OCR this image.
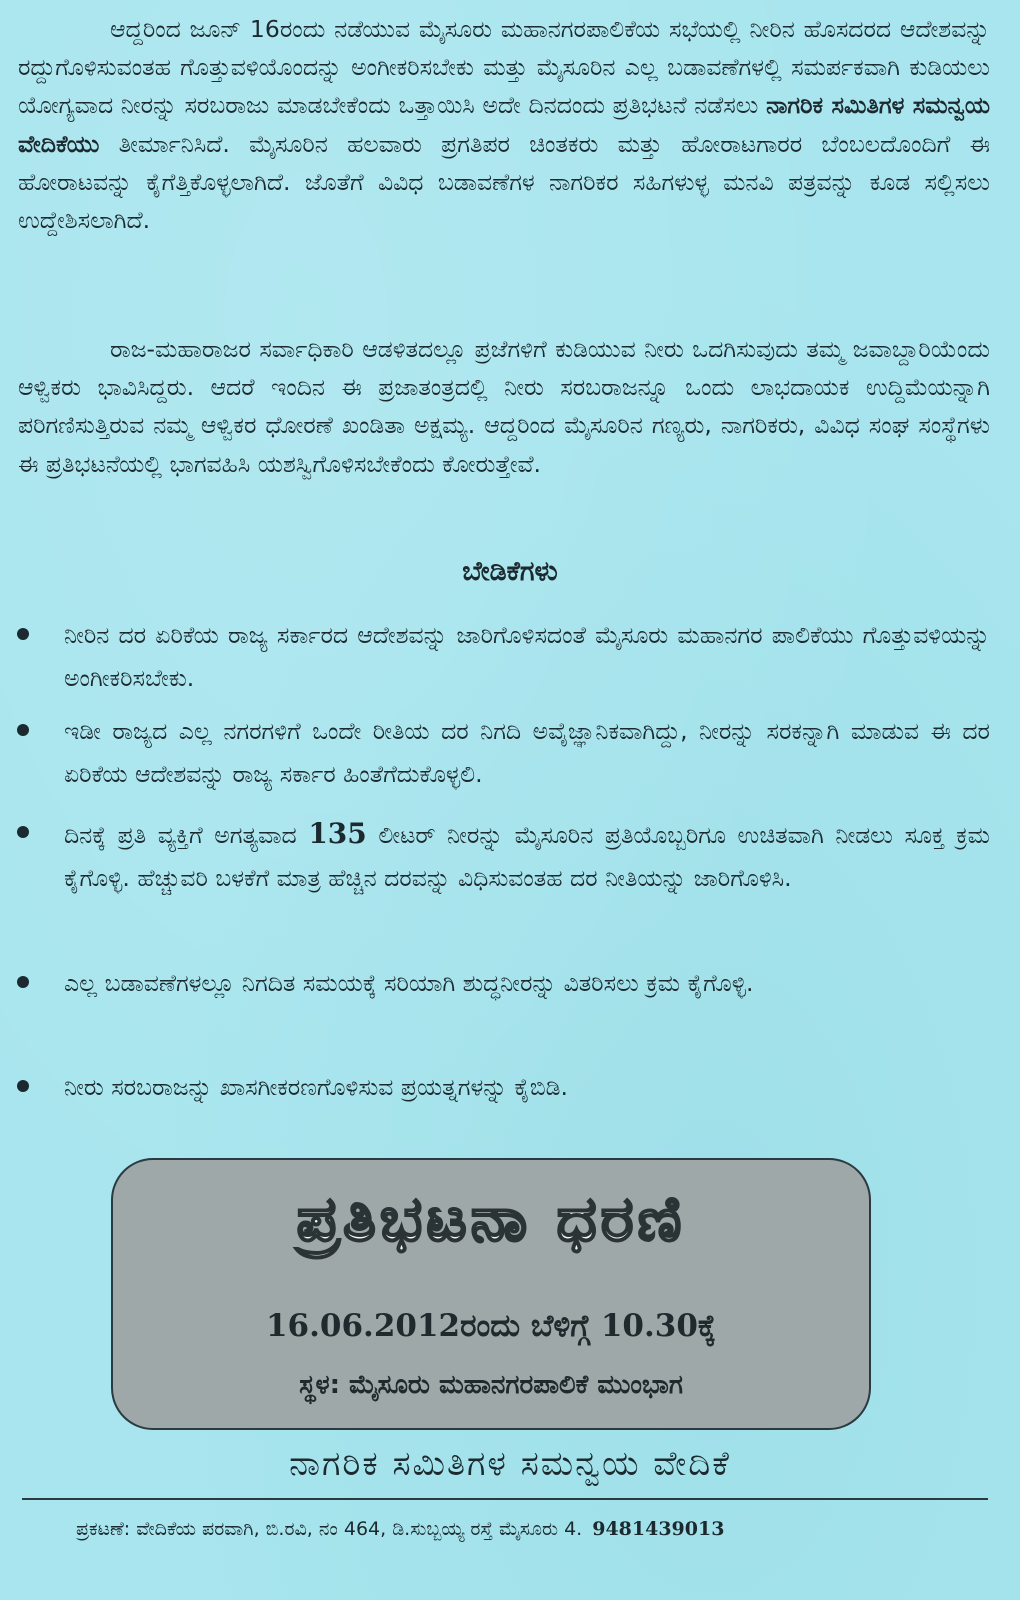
ಆದ್ದರಿಂದ ಜೂನ್ 16ರಂದು ನಡೆಯುವ ಮೈಸೂರು ಮಹಾನಗರಪಾಲಿಕೆಯ ಸಭೆಯಲ್ಲಿ ನೀರಿನ ಹೊಸದರದ ಆದೇಶವನ್ನು ರದ್ದುಗೊಳಿಸುವಂತಹ ಗೊತ್ತುವಳಿಯೊಂದನ್ನು ಅಂಗೀಕರಿಸಬೇಕು ಮತ್ತು ಮೈಸೂರಿನ ಎಲ್ಲ ಬಡಾವಣೆಗಳಲ್ಲಿ ಸಮರ್ಪಕವಾಗಿ ಕುಡಿಯಲು ಯೋಗ್ಯವಾದ ನೀರನ್ನು ಸರಬರಾಜು ಮಾಡಬೇಕೆಂದು ಒತ್ತಾಯಿಸಿ ಅದೇ ದಿನದಂದು ಪ್ರತಿಭಟನೆ ನಡೆಸಲು ನಾಗರಿಕ ಸಮಿತಿಗಳ ಸಮನ್ವಯ ವೇದಿಕೆಯು ತೀರ್ಮಾನಿಸಿದೆ. ಮೈಸೂರಿನ ಹಲವಾರು ಪ್ರಗತಿಪರ ಚಿಂತಕರು ಮತ್ತು ಹೋರಾಟಗಾರರ ಬೆಂಬಲದೊಂದಿಗೆ ಈ ಹೋರಾಟವನ್ನು ಕೈಗೆತ್ತಿಕೊಳ್ಳಲಾಗಿದೆ. ಜೊತೆಗೆ ವಿವಿಧ ಬಡಾವಣೆಗಳ ನಾಗರಿಕರ ಸಹಿಗಳುಳ್ಳ ಮನವಿ ಪತ್ರವನ್ನು ಕೂಡ ಸಲ್ಲಿಸಲು ಉದ್ದೇಶಿಸಲಾಗಿದೆ.

ರಾಜ-ಮಹಾರಾಜರ ಸರ್ವಾಧಿಕಾರಿ ಆಡಳಿತದಲ್ಲೂ ಪ್ರಜೆಗಳಿಗೆ ಕುಡಿಯುವ ನೀರು ಒದಗಿಸುವುದು ತಮ್ಮ ಜವಾಬ್ದಾರಿಯೆಂದು ಆಳ್ವಿಕರು ಭಾವಿಸಿದ್ದರು. ಆದರೆ ಇಂದಿನ ಈ ಪ್ರಜಾತಂತ್ರದಲ್ಲಿ ನೀರು ಸರಬರಾಜನ್ನೂ ಒಂದು ಲಾಭದಾಯಕ ಉದ್ದಿಮೆಯನ್ನಾಗಿ ಪರಿಗಣಿಸುತ್ತಿರುವ ನಮ್ಮ ಆಳ್ವಿಕರ ಧೋರಣೆ ಖಂಡಿತಾ ಅಕ್ಷಮ್ಯ. ಆದ್ದರಿಂದ ಮೈಸೂರಿನ ಗಣ್ಯರು, ನಾಗರಿಕರು, ವಿವಿಧ ಸಂಘ ಸಂಸ್ಥೆಗಳು ಈ ಪ್ರತಿಭಟನೆಯಲ್ಲಿ ಭಾಗವಹಿಸಿ ಯಶಸ್ವಿಗೊಳಿಸಬೇಕೆಂದು ಕೋರುತ್ತೇವೆ.

ಬೇಡಿಕೆಗಳು

ನೀರಿನ ದರ ಏರಿಕೆಯ ರಾಜ್ಯ ಸರ್ಕಾರದ ಆದೇಶವನ್ನು ಜಾರಿಗೊಳಿಸದಂತೆ ಮೈಸೂರು ಮಹಾನಗರ ಪಾಲಿಕೆಯು ಗೊತ್ತುವಳಿಯನ್ನು ಅಂಗೀಕರಿಸಬೇಕು.

ಇಡೀ ರಾಜ್ಯದ ಎಲ್ಲ ನಗರಗಳಿಗೆ ಒಂದೇ ರೀತಿಯ ದರ ನಿಗದಿ ಅವೈಜ್ಞಾನಿಕವಾಗಿದ್ದು, ನೀರನ್ನು ಸರಕನ್ನಾಗಿ ಮಾಡುವ ಈ ದರ ಏರಿಕೆಯ ಆದೇಶವನ್ನು ರಾಜ್ಯ ಸರ್ಕಾರ ಹಿಂತೆಗೆದುಕೊಳ್ಳಲಿ.

ದಿನಕ್ಕೆ ಪ್ರತಿ ವ್ಯಕ್ತಿಗೆ ಅಗತ್ಯವಾದ 135 ಲೀಟರ್ ನೀರನ್ನು ಮೈಸೂರಿನ ಪ್ರತಿಯೊಬ್ಬರಿಗೂ ಉಚಿತವಾಗಿ ನೀಡಲು ಸೂಕ್ತ ಕ್ರಮ ಕೈಗೊಳ್ಳಿ. ಹೆಚ್ಚುವರಿ ಬಳಕೆಗೆ ಮಾತ್ರ ಹೆಚ್ಚಿನ ದರವನ್ನು ವಿಧಿಸುವಂತಹ ದರ ನೀತಿಯನ್ನು ಜಾರಿಗೊಳಿಸಿ.

ಎಲ್ಲ ಬಡಾವಣೆಗಳಲ್ಲೂ ನಿಗದಿತ ಸಮಯಕ್ಕೆ ಸರಿಯಾಗಿ ಶುದ್ಧನೀರನ್ನು ವಿತರಿಸಲು ಕ್ರಮ ಕೈಗೊಳ್ಳಿ.

ನೀರು ಸರಬರಾಜನ್ನು ಖಾಸಗೀಕರಣಗೊಳಿಸುವ ಪ್ರಯತ್ನಗಳನ್ನು ಕೈಬಿಡಿ.

ಪ್ರತಿಭಟನಾ ಧರಣಿ

16.06.2012ರಂದು ಬೆಳಿಗ್ಗೆ 10.30ಕ್ಕೆ

ಸ್ಥಳ: ಮೈಸೂರು ಮಹಾನಗರಪಾಲಿಕೆ ಮುಂಭಾಗ

ನಾಗರಿಕ ಸಮಿತಿಗಳ ಸಮನ್ವಯ ವೇದಿಕೆ

ಪ್ರಕಟಣೆ: ವೇದಿಕೆಯ ಪರವಾಗಿ, ಬಿ.ರವಿ, ನಂ 464, ಡಿ.ಸುಬ್ಬಯ್ಯ ರಸ್ತೆ ಮೈಸೂರು 4. 9481439013
